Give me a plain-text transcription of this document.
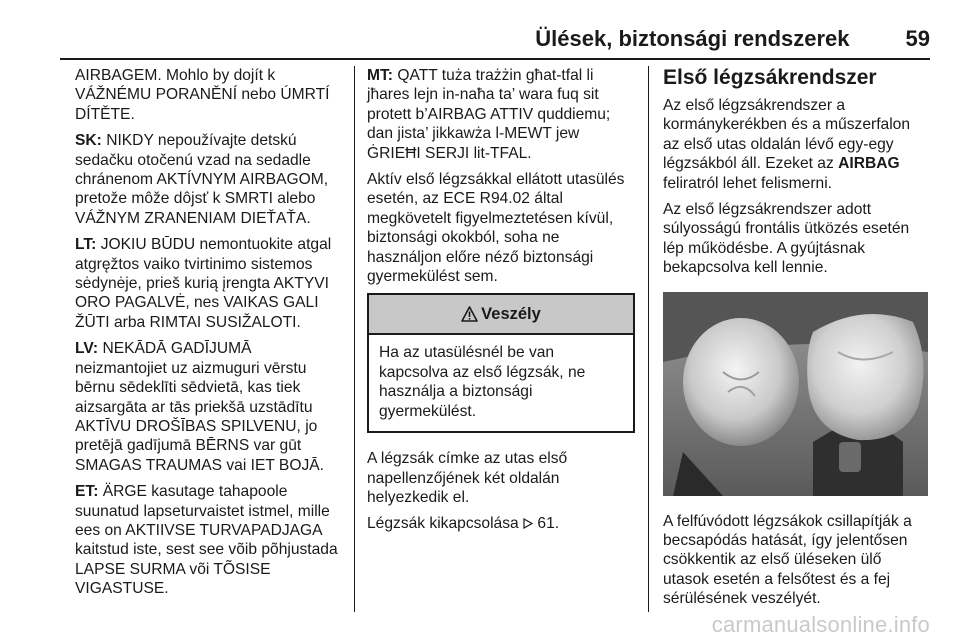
Ülések, biztonsági rendszerek	59

AIRBAGEM. Mohlo by dojít k VÁŽNÉMU PORANĚNÍ nebo ÚMRTÍ DÍTĚTE.

SK: NIKDY nepoužívajte detskú sedačku otočenú vzad na sedadle chránenom AKTÍVNYM AIRBAGOM, pretože môže dôjsť k SMRTI alebo VÁŽNYM ZRANENIAM DIEŤAŤA.

LT: JOKIU BŪDU nemontuokite atgal atgręžtos vaiko tvirtinimo sistemos sėdynėje, prieš kurią įrengta AKTYVI ORO PAGALVĖ, nes VAIKAS GALI ŽŪTI arba RIMTAI SUSIŽALOTI.

LV: NEKĀDĀ GADĪJUMĀ neizmantojiet uz aizmuguri vērstu bērnu sēdeklīti sēdvietā, kas tiek aizsargāta ar tās priekšā uzstādītu AKTĪVU DROŠĪBAS SPILVENU, jo pretējā gadījumā BĒRNS var gūt SMAGAS TRAUMAS vai IET BOJĀ.

ET: ÄRGE kasutage tahapoole suunatud lapseturvaistet istmel, mille ees on AKTIIVSE TURVAPADJAGA kaitstud iste, sest see võib põhjustada LAPSE SURMA või TÕSISE VIGASTUSE.

MT: QATT tuża trażżin għat-tfal li jħares lejn in-naħa ta’ wara fuq sit protett b’AIRBAG ATTIV quddiemu; dan jista’ jikkawża l-MEWT jew ĠRIEĦI SERJI lit-TFAL.

Aktív első légzsákkal ellátott utasülés esetén, az ECE R94.02 által megkövetelt figyelmeztetésen kívül, biztonsági okokból, soha ne használjon előre néző biztonsági gyermekülést sem.

Veszély
Ha az utasülésnél be van kapcsolva az első légzsák, ne használja a biztonsági gyermekülést.

A légzsák címke az utas első napellenzőjének két oldalán helyezkedik el.

Légzsák kikapcsolása 61.

Első légzsákrendszer

Az első légzsákrendszer a kormánykerékben és a műszerfalon az első utas oldalán lévő egy-egy légzsákból áll. Ezeket az AIRBAG feliratról lehet felismerni.

Az első légzsákrendszer adott súlyosságú frontális ütközés esetén lép működésbe. A gyújtásnak bekapcsolva kell lennie.

A felfúvódott légzsákok csillapítják a becsapódás hatását, így jelentősen csökkentik az első üléseken ülő utasok esetén a felsőtest és a fej sérülésének veszélyét.

carmanualsonline.info
